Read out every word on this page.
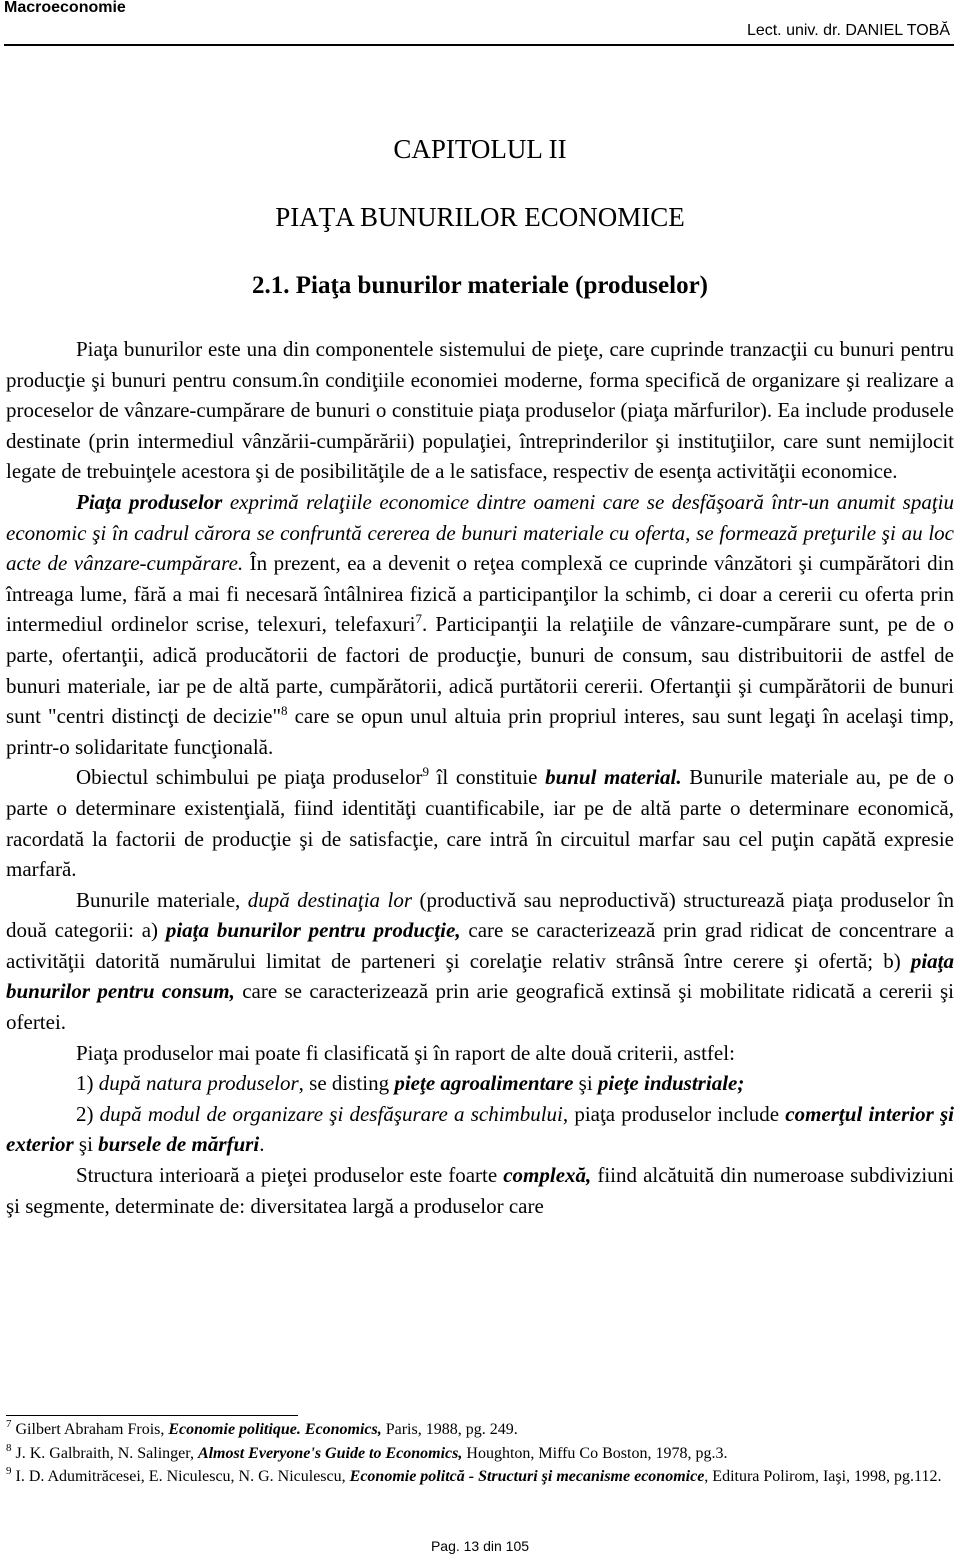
Macroeconomie
Lect. univ. dr. DANIEL TOBĂ
CAPITOLUL II
PIAŢA BUNURILOR ECONOMICE
2.1. Piaţa bunurilor materiale (produselor)

Piaţa bunurilor este una din componentele sistemului de pieţe, care cuprinde tranzacţii cu bunuri pentru producţie şi bunuri pentru consum.în condiţiile economiei moderne, forma specifică de organizare şi realizare a proceselor de vânzare-cumpărare de bunuri o constituie piaţa produselor (piaţa mărfurilor). Ea include produsele destinate (prin intermediul vânzării-cumpărării) populaţiei, întreprinderilor şi instituţiilor, care sunt nemijlocit legate de trebuinţele acestora şi de posibilităţile de a le satisface, respectiv de esenţa activităţii economice.

Piaţa produselor exprimă relaţiile economice dintre oameni care se desfăşoară într-un anumit spaţiu economic şi în cadrul cărora se confruntă cererea de bunuri materiale cu oferta, se formează preţurile şi au loc acte de vânzare-cumpărare. În prezent, ea a devenit o reţea complexă ce cuprinde vânzători şi cumpărători din întreaga lume, fără a mai fi necesară întâlnirea fizică a participanţilor la schimb, ci doar a cererii cu oferta prin intermediul ordinelor scrise, telexuri, telefaxuri$^7$. Participanţii la relaţiile de vânzare-cumpărare sunt, pe de o parte, ofertanţii, adică producătorii de factori de producţie, bunuri de consum, sau distribuitorii de astfel de bunuri materiale, iar pe de altă parte, cumpărătorii, adică purtătorii cererii. Ofertanţii şi cumpărătorii de bunuri sunt "centri distincţi de decizie"$^8$ care se opun unul altuia prin propriul interes, sau sunt legaţi în acelaşi timp, printr-o solidaritate funcţională.

Obiectul schimbului pe piaţa produselor$^9$ îl constituie bunul material. Bunurile materiale au, pe de o parte o determinare existenţială, fiind identităţi cuantificabile, iar pe de altă parte o determinare economică, racordată la factorii de producţie şi de satisfacţie, care intră în circuitul marfar sau cel puţin capătă expresie marfară.

Bunurile materiale, după destinaţia lor (productivă sau neproductivă) structurează piaţa produselor în două categorii: a) piaţa bunurilor pentru producţie, care se caracterizează prin grad ridicat de concentrare a activităţii datorită numărului limitat de parteneri şi corelaţie relativ strânsă între cerere şi ofertă; b) piaţa bunurilor pentru consum, care se caracterizează prin arie geografică extinsă şi mobilitate ridicată a cererii şi ofertei.

Piaţa produselor mai poate fi clasificată şi în raport de alte două criterii, astfel:

1) după natura produselor, se disting pieţe agroalimentare şi pieţe industriale;

2) după modul de organizare şi desfăşurare a schimbului, piaţa produselor include comerţul interior şi exterior şi bursele de mărfuri.

Structura interioară a pieţei produselor este foarte complexă, fiind alcătuită din numeroase subdiviziuni şi segmente, determinate de: diversitatea largă a produselor care

$^7$ Gilbert Abraham Frois, Economie politique. Economics, Paris, 1988, pg. 249.

$^8$ J. K. Galbraith, N. Salinger, Almost Everyone's Guide to Economics, Houghton, Miffu Co Boston, 1978, pg.3.

$^9$ I. D. Adumitrăcesei, E. Niculescu, N. G. Niculescu, Economie politcă - Structuri şi mecanisme economice, Editura Polirom, Iaşi, 1998, pg.112.

Pag. 13 din 105
